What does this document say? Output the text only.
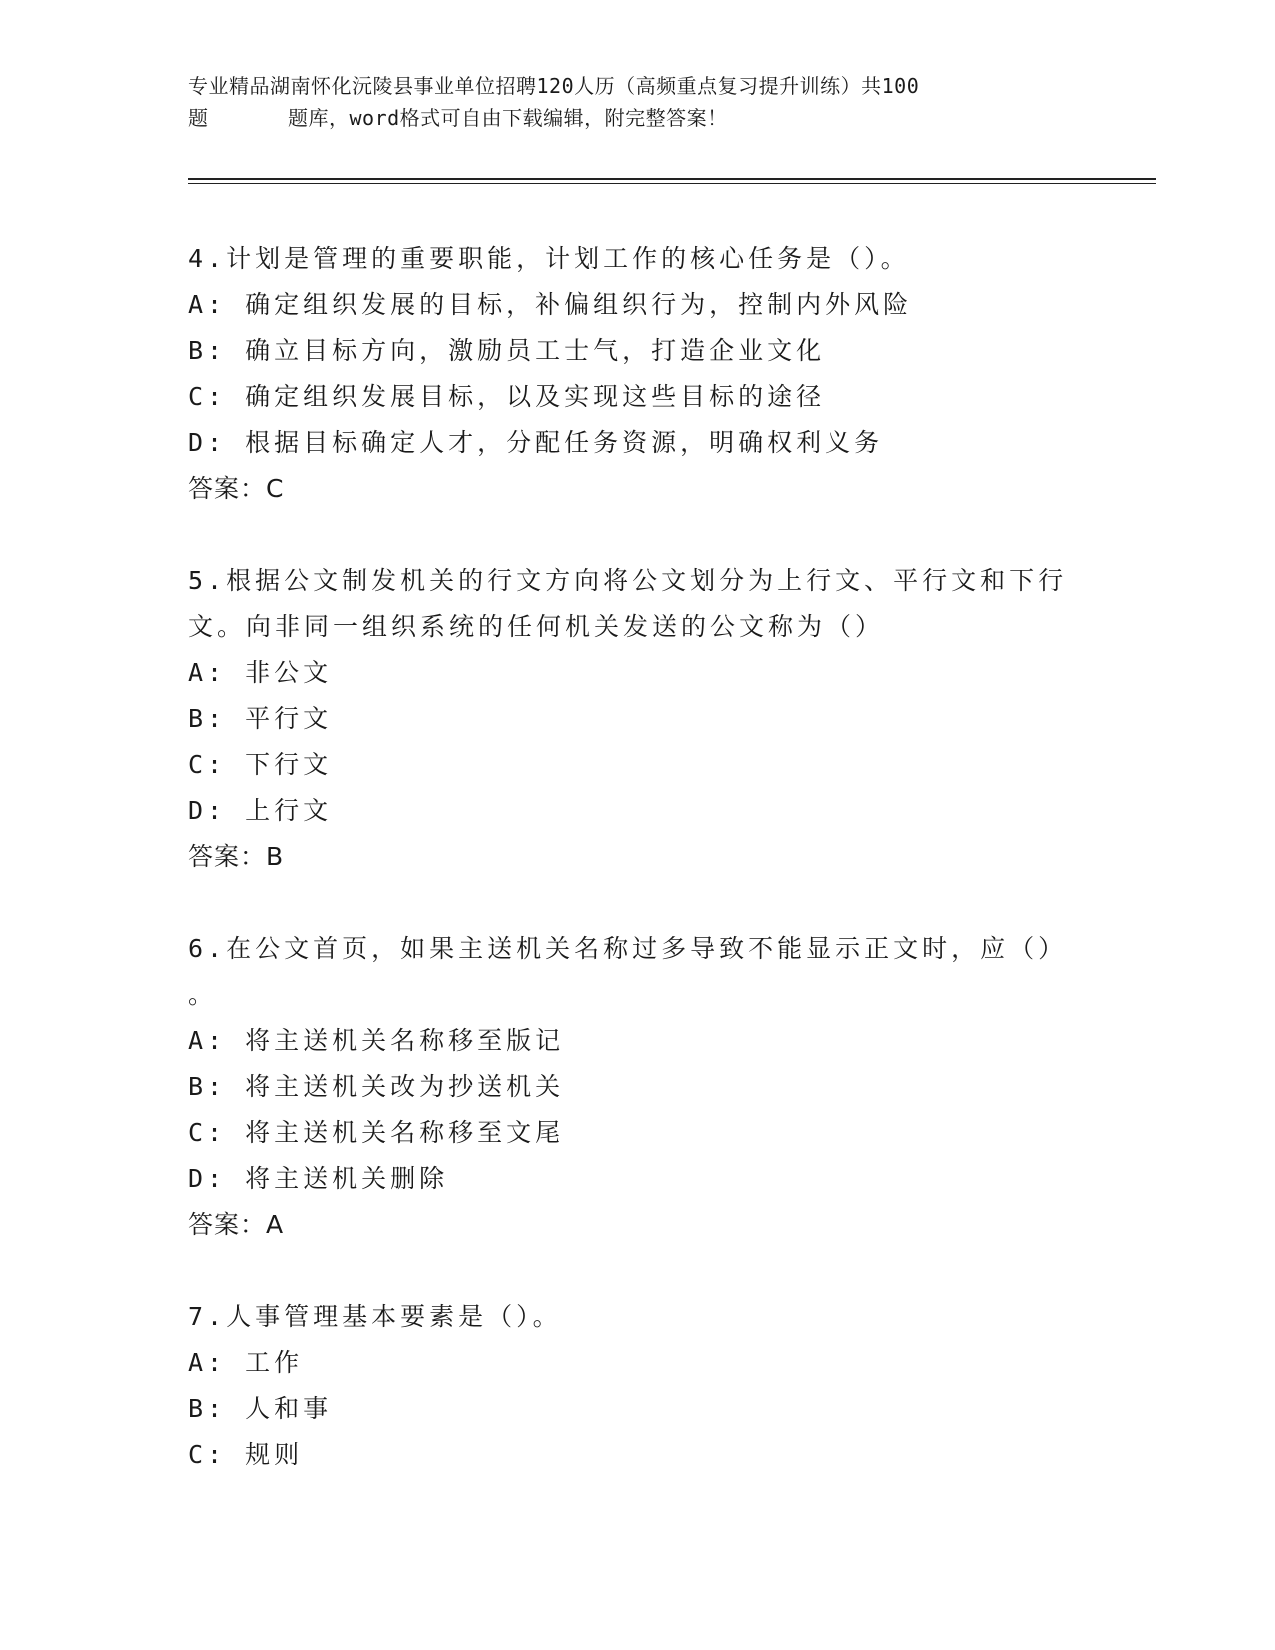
专业精品湖南怀化沅陵县事业单位招聘120人历（高频重点复习提升训练）共100
题	题库，word格式可自由下载编辑，附完整答案！
4.计划是管理的重要职能，计划工作的核心任务是（）。
A: 确定组织发展的目标，补偏组织行为，控制内外风险
B: 确立目标方向，激励员工士气，打造企业文化
C: 确定组织发展目标，以及实现这些目标的途径
D: 根据目标确定人才，分配任务资源，明确权利义务
答案：C
5.根据公文制发机关的行文方向将公文划分为上行文、平行文和下行
文。向非同一组织系统的任何机关发送的公文称为（）
A: 非公文
B: 平行文
C: 下行文
D: 上行文
答案：B
6.在公文首页，如果主送机关名称过多导致不能显示正文时，应（）
。
A: 将主送机关名称移至版记
B: 将主送机关改为抄送机关
C: 将主送机关名称移至文尾
D: 将主送机关删除
答案：A
7.人事管理基本要素是（）。
A: 工作
B: 人和事
C: 规则
